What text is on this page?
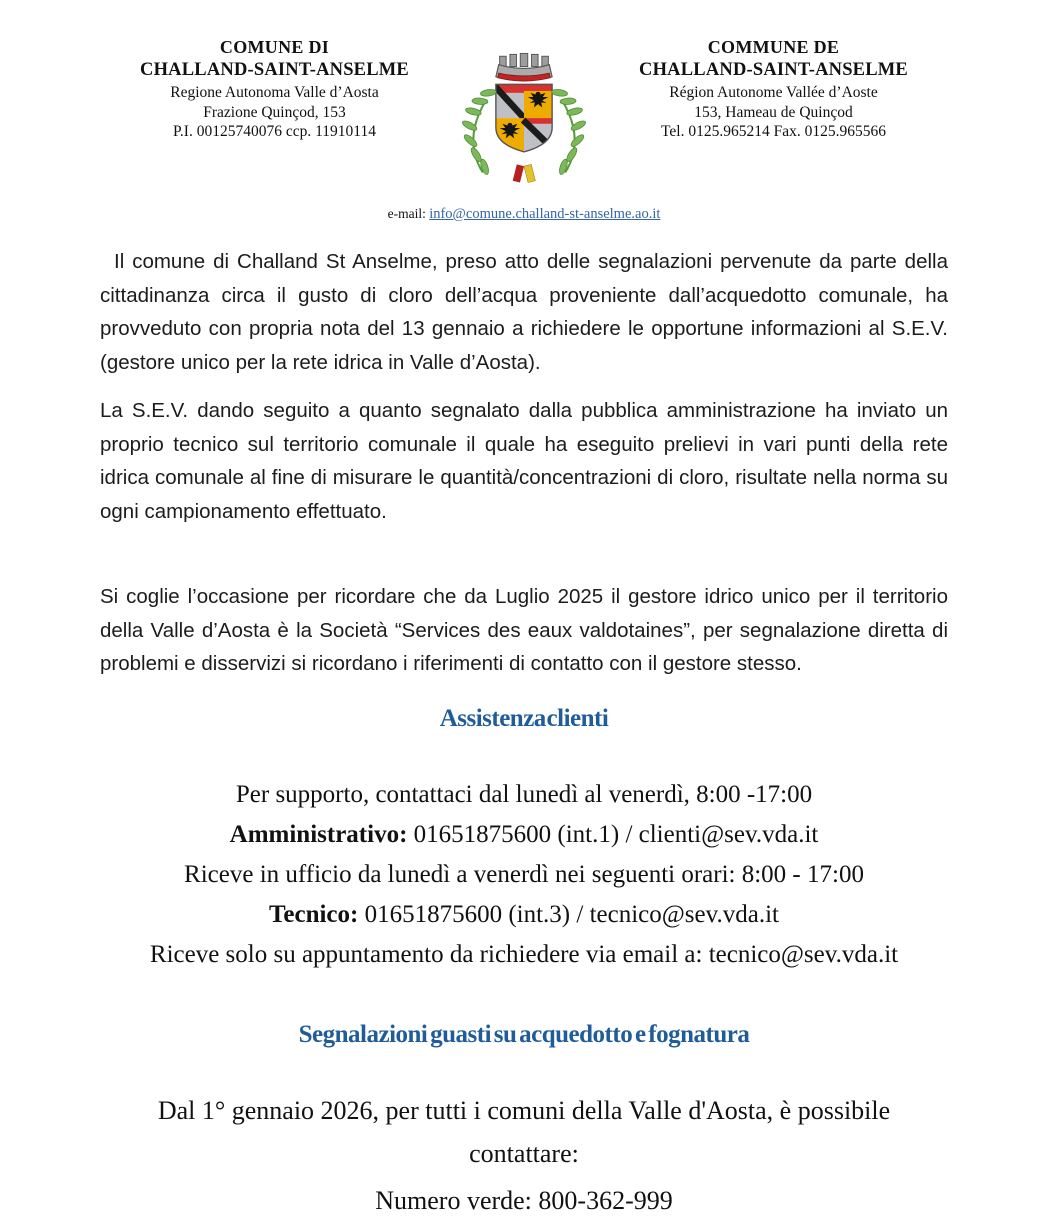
COMUNE DI
CHALLAND-SAINT-ANSELME
Regione Autonoma Valle d’Aosta
Frazione Quinçod, 153
P.I. 00125740076 ccp. 11910114
COMMUNE DE
CHALLAND-SAINT-ANSELME
Région Autonome Vallée d’Aoste
153, Hameau de Quinçod
Tel. 0125.965214 Fax. 0125.965566
e-mail: info@comune.challand-st-anselme.ao.it

Il comune di Challand St Anselme, preso atto delle segnalazioni pervenute da parte della cittadinanza circa il gusto di cloro dell’acqua proveniente dall’acquedotto comunale, ha provveduto con propria nota del 13 gennaio a richiedere le opportune informazioni al S.E.V. (gestore unico per la rete idrica in Valle d’Aosta).

La S.E.V. dando seguito a quanto segnalato dalla pubblica amministrazione ha inviato un proprio tecnico sul territorio comunale il quale ha eseguito prelievi in vari punti della rete idrica comunale al fine di misurare le quantità/concentrazioni di cloro, risultate nella norma su ogni campionamento effettuato.

Si coglie l’occasione per ricordare che da Luglio 2025 il gestore idrico unico per il territorio della Valle d’Aosta è la Società “Services des eaux valdotaines”, per segnalazione diretta di problemi e disservizi si ricordano i riferimenti di contatto con il gestore stesso.

Assistenza clienti
Per supporto, contattaci dal lunedì al venerdì, 8:00 -17:00
Amministrativo: 01651875600 (int.1) / clienti@sev.vda.it
Riceve in ufficio da lunedì a venerdì nei seguenti orari: 8:00 - 17:00
Tecnico: 01651875600 (int.3) / tecnico@sev.vda.it
Riceve solo su appuntamento da richiedere via email a: tecnico@sev.vda.it
Segnalazioni guasti su acquedotto e fognatura
Dal 1° gennaio 2026, per tutti i comuni della Valle d'Aosta, è possibile contattare:
Numero verde: 800-362-999
